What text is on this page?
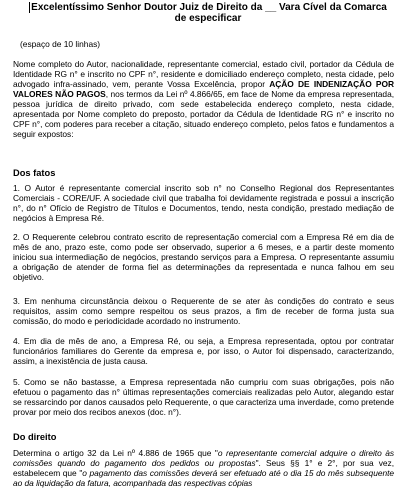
Excelentíssimo Senhor Doutor Juiz de Direito da __ Vara Cível da Comarca
de especificar
(espaço de 10 linhas)

Nome completo do Autor, nacionalidade, representante comercial, estado civil, portador da Cédula de Identidade RG n° e inscrito no CPF n°, residente e domiciliado endereço completo, nesta cidade, pelo advogado infra-assinado, vem, perante Vossa Excelência, propor AÇÃO DE INDENIZAÇÃO POR VALORES NÃO PAGOS, nos termos da Lei nº 4.866/65, em face de Nome da empresa representada, pessoa jurídica de direito privado, com sede estabelecida endereço completo, nesta cidade, apresentada por Nome completo do preposto, portador da Cédula de Identidade RG n° e inscrito no CPF n°, com poderes para receber a citação, situado endereço completo, pelos fatos e fundamentos a seguir expostos:

Dos fatos

1. O Autor é representante comercial inscrito sob n° no Conselho Regional dos Representantes Comerciais - CORE/UF. A sociedade civil que trabalha foi devidamente registrada e possui a inscrição n°, do n° Ofício de Registro de Títulos e Documentos, tendo, nesta condição, prestado mediação de negócios à Empresa Ré.

2. O Requerente celebrou contrato escrito de representação comercial com a Empresa Ré em dia de mês de ano, prazo este, como pode ser observado, superior a 6 meses, e a partir deste momento iniciou sua intermediação de negócios, prestando serviços para a Empresa. O representante assumiu a obrigação de atender de forma fiel as determinações da representada e nunca falhou em seu objetivo.

3. Em nenhuma circunstância deixou o Requerente de se ater às condições do contrato e seus requisitos, assim como sempre respeitou os seus prazos, a fim de receber de forma justa sua comissão, do modo e periodicidade acordado no instrumento.

4. Em dia de mês de ano, a Empresa Ré, ou seja, a Empresa representada, optou por contratar funcionários familiares do Gerente da empresa e, por isso, o Autor foi dispensado, caracterizando, assim, a inexistência de justa causa.

5. Como se não bastasse, a Empresa representada não cumpriu com suas obrigações, pois não efetuou o pagamento das n° últimas representações comerciais realizadas pelo Autor, alegando estar se ressarcindo por danos causados pelo Requerente, o que caracteriza uma inverdade, como pretende provar por meio dos recibos anexos (doc. n°).

Do direito

Determina o artigo 32 da Lei nº 4.886 de 1965 que "o representante comercial adquire o direito às comissões quando do pagamento dos pedidos ou propostas". Seus §§ 1° e 2°, por sua vez, estabelecem que "o pagamento das comissões deverá ser efetuado até o dia 15 do mês subsequente ao da liquidação da fatura, acompanhada das respectivas cópias
